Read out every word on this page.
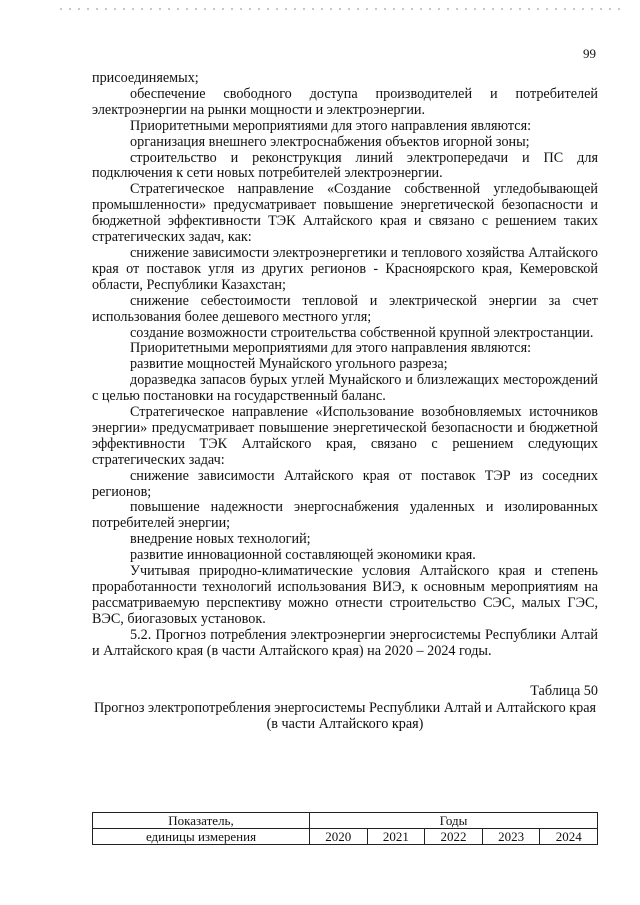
99

присоединяемых;

обеспечение свободного доступа производителей и потребителей электроэнергии на рынки мощности и электроэнергии.

Приоритетными мероприятиями для этого направления являются:

организация внешнего электроснабжения объектов игорной зоны;

строительство и реконструкция линий электропередачи и ПС для подключения к сети новых потребителей электроэнергии.

Стратегическое направление «Создание собственной угледобывающей промышленности» предусматривает повышение энергетической безопасности и бюджетной эффективности ТЭК Алтайского края и связано с решением таких стратегических задач, как:

снижение зависимости электроэнергетики и теплового хозяйства Алтайского края от поставок угля из других регионов - Красноярского края, Кемеровской области, Республики Казахстан;

снижение себестоимости тепловой и электрической энергии за счет использования более дешевого местного угля;

создание возможности строительства собственной крупной электростанции.

Приоритетными мероприятиями для этого направления являются:

развитие мощностей Мунайского угольного разреза;

доразведка запасов бурых углей Мунайского и близлежащих месторождений с целью постановки на государственный баланс.

Стратегическое направление «Использование возобновляемых источников энергии» предусматривает повышение энергетической безопасности и бюджетной эффективности ТЭК Алтайского края, связано с решением следующих стратегических задач:

снижение зависимости Алтайского края от поставок ТЭР из соседних регионов;

повышение надежности энергоснабжения удаленных и изолированных потребителей энергии;

внедрение новых технологий;

развитие инновационной составляющей экономики края.

Учитывая природно-климатические условия Алтайского края и степень проработанности технологий использования ВИЭ, к основным мероприятиям на рассматриваемую перспективу можно отнести строительство СЭС, малых ГЭС, ВЭС, биогазовых установок.

5.2. Прогноз потребления электроэнергии энергосистемы Республики Алтай и Алтайского края (в части Алтайского края) на 2020 – 2024 годы.

Таблица 50
Прогноз электропотребления энергосистемы Республики Алтай и Алтайского края (в части Алтайского края)
Показатель,	Годы				
единицы измерения	2020	2021	2022	2023	2024
